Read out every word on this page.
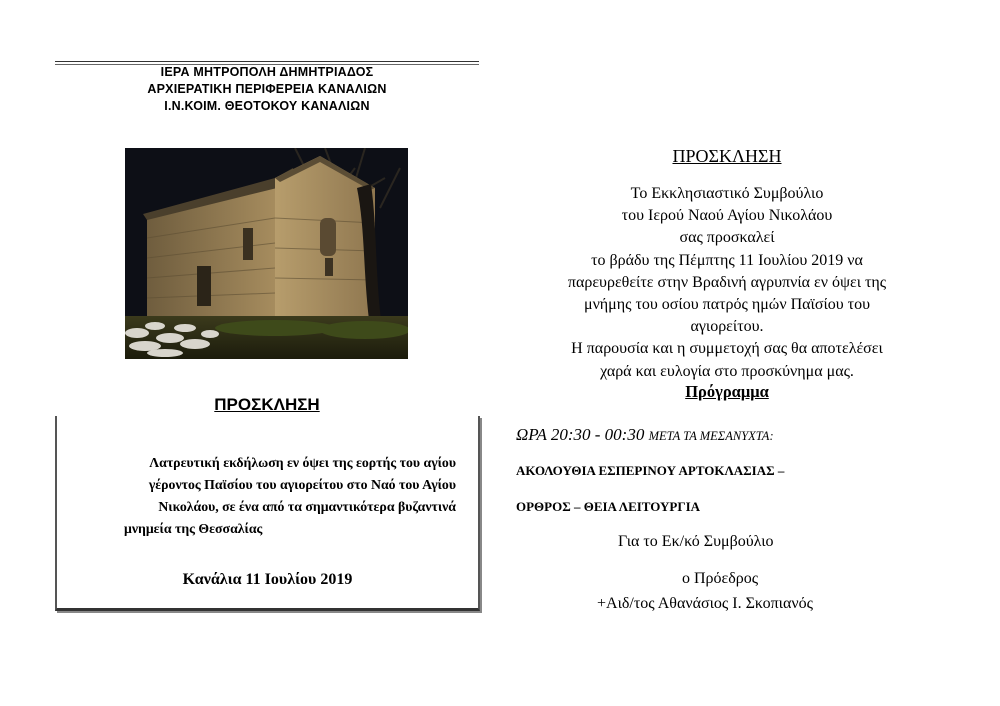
ΙΕΡΑ ΜΗΤΡΟΠΟΛΗ ΔΗΜΗΤΡΙΑΔΟΣ
ΑΡΧΙΕΡΑΤΙΚΗ ΠΕΡΙΦΕΡΕΙΑ ΚΑΝΑΛΙΩΝ
Ι.Ν.ΚΟΙΜ. ΘΕΟΤΟΚΟΥ ΚΑΝΑΛΙΩΝ
ΠΡΟΣΚΛΗΣΗ
Λατρευτική εκδήλωση εν όψει της εορτής του αγίου
γέροντος Παϊσίου του αγιορείτου στο Ναό του Αγίου
Νικολάου, σε ένα από τα σημαντικότερα βυζαντινά

μνημεία της Θεσσαλίας
Κανάλια 11 Ιουλίου 2019
ΠΡΟΣΚΛΗΣΗ
Το Εκκλησιαστικό Συμβούλιο
του Ιερού Ναού Αγίου Νικολάου
σας προσκαλεί
το βράδυ της Πέμπτης 11 Ιουλίου 2019 να
παρευρεθείτε στην Βραδινή αγρυπνία εν όψει της
μνήμης του οσίου πατρός ημών Παϊσίου του
αγιορείτου.
Η παρουσία και η συμμετοχή σας θα αποτελέσει
χαρά και ευλογία στο προσκύνημα μας.
Πρόγραμμα
ΩΡΑ 20:30 - 00:30 ΜΕΤΑ ΤΑ ΜΕΣΑΝΥΧΤΑ:
ΑΚΟΛΟΥΘΙΑ ΕΣΠΕΡΙΝΟΥ ΑΡΤΟΚΛΑΣΙΑΣ –
ΟΡΘΡΟΣ – ΘΕΙΑ ΛΕΙΤΟΥΡΓΙΑ
Για το Εκ/κό Συμβούλιο
ο Πρόεδρος
+Αιδ/τος Αθανάσιος Ι. Σκοπιανός
